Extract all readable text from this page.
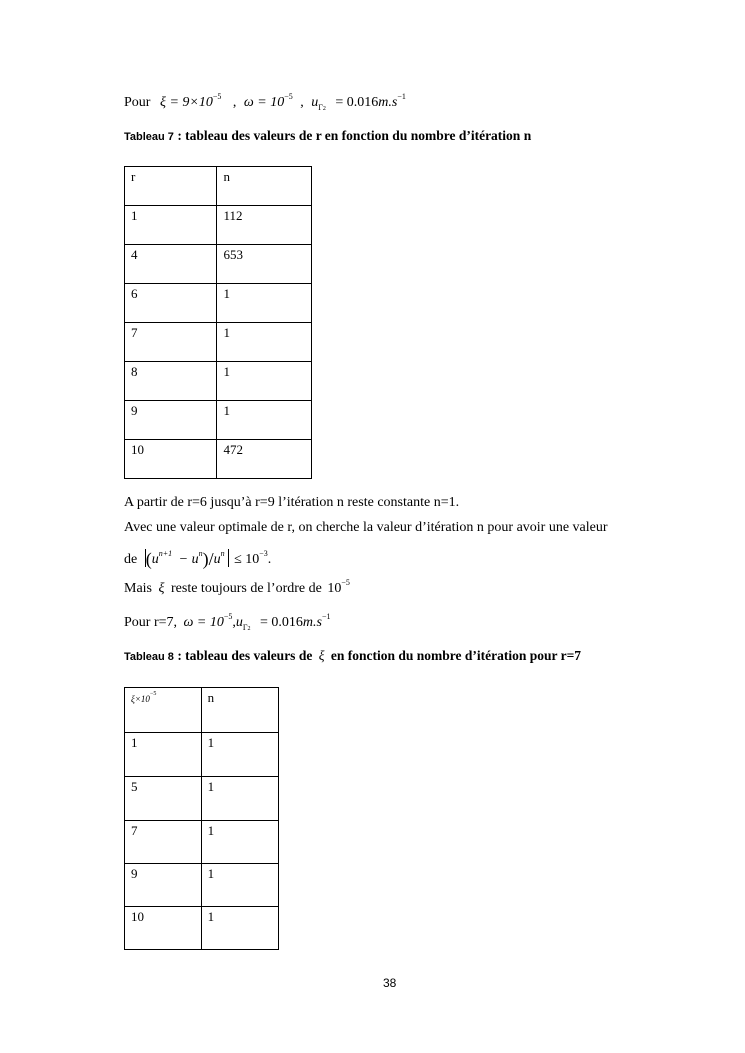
Pour $\xi = 9\times 10^{-5}$ , $\omega = 10^{-5}$ , $u_{\Gamma 2} = 0.016m.s^{-1}$
Tableau 7 : tableau des valeurs de r en fonction du nombre d’itération n
r	n
1	112
4	653
6	1
7	1
8	1
9	1
10	472
A partir de r=6 jusqu’à r=9 l’itération n reste constante n=1.
Avec une valeur optimale de r, on cherche la valeur d’itération n pour avoir une valeur
de $(u^{n+1} - u^n)/u^n \le 10^{-3}$.
Mais ξ reste toujours de l’ordre de $10^{-5}$
Pour r=7, $\omega = 10^{-5},u_{\Gamma 2} = 0.016m.s^{-1}$
Tableau 8 : tableau des valeurs de ξ en fonction du nombre d’itération pour r=7
$\xi\times 10^{-5}$	n
1	1
5	1
7	1
9	1
10	1
38
